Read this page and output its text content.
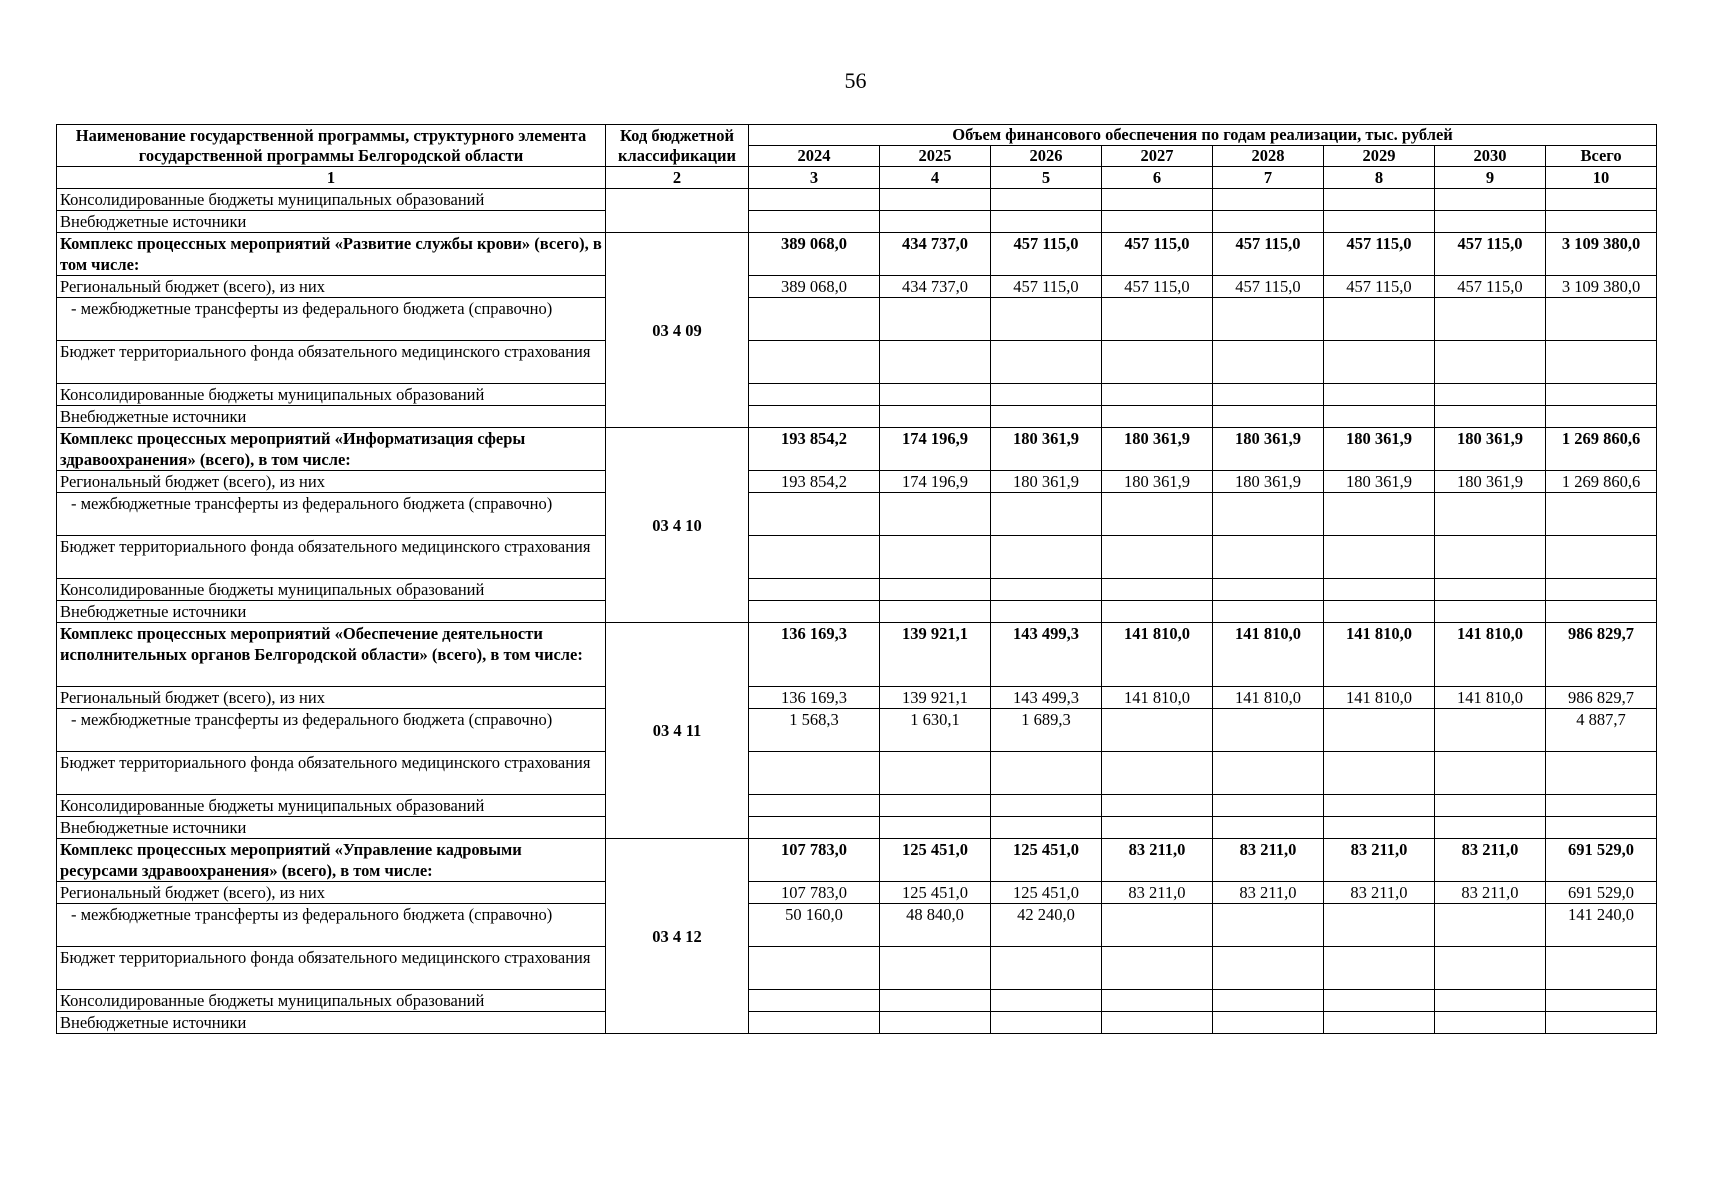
56
Наименование государственной программы, структурного элемента государственной программы Белгородской области	Код бюджетной классификации	Объем финансового обеспечения по годам реализации, тыс. рублей							
		2024	2025	2026	2027	2028	2029	2030	Всего
1	2	3	4	5	6	7	8	9	10
Консолидированные бюджеты муниципальных образований									
Внебюджетные источники									
Комплекс процессных мероприятий «Развитие службы крови» (всего), в том числе:	03 4 09	389 068,0	434 737,0	457 115,0	457 115,0	457 115,0	457 115,0	457 115,0	3 109 380,0
Региональный бюджет (всего), из них		389 068,0	434 737,0	457 115,0	457 115,0	457 115,0	457 115,0	457 115,0	3 109 380,0
- межбюджетные трансферты из федерального бюджета (справочно)									
Бюджет территориального фонда обязательного медицинского страхования									
Консолидированные бюджеты муниципальных образований									
Внебюджетные источники									
Комплекс процессных мероприятий «Информатизация сферы здравоохранения» (всего), в том числе:	03 4 10	193 854,2	174 196,9	180 361,9	180 361,9	180 361,9	180 361,9	180 361,9	1 269 860,6
Региональный бюджет (всего), из них		193 854,2	174 196,9	180 361,9	180 361,9	180 361,9	180 361,9	180 361,9	1 269 860,6
- межбюджетные трансферты из федерального бюджета (справочно)									
Бюджет территориального фонда обязательного медицинского страхования									
Консолидированные бюджеты муниципальных образований									
Внебюджетные источники									
Комплекс процессных мероприятий «Обеспечение деятельности исполнительных органов Белгородской области» (всего), в том числе:	03 4 11	136 169,3	139 921,1	143 499,3	141 810,0	141 810,0	141 810,0	141 810,0	986 829,7
Региональный бюджет (всего), из них		136 169,3	139 921,1	143 499,3	141 810,0	141 810,0	141 810,0	141 810,0	986 829,7
- межбюджетные трансферты из федерального бюджета (справочно)		1 568,3	1 630,1	1 689,3					4 887,7
Бюджет территориального фонда обязательного медицинского страхования									
Консолидированные бюджеты муниципальных образований									
Внебюджетные источники									
Комплекс процессных мероприятий «Управление кадровыми ресурсами здравоохранения» (всего), в том числе:	03 4 12	107 783,0	125 451,0	125 451,0	83 211,0	83 211,0	83 211,0	83 211,0	691 529,0
Региональный бюджет (всего), из них		107 783,0	125 451,0	125 451,0	83 211,0	83 211,0	83 211,0	83 211,0	691 529,0
- межбюджетные трансферты из федерального бюджета (справочно)		50 160,0	48 840,0	42 240,0					141 240,0
Бюджет территориального фонда обязательного медицинского страхования									
Консолидированные бюджеты муниципальных образований									
Внебюджетные источники									
